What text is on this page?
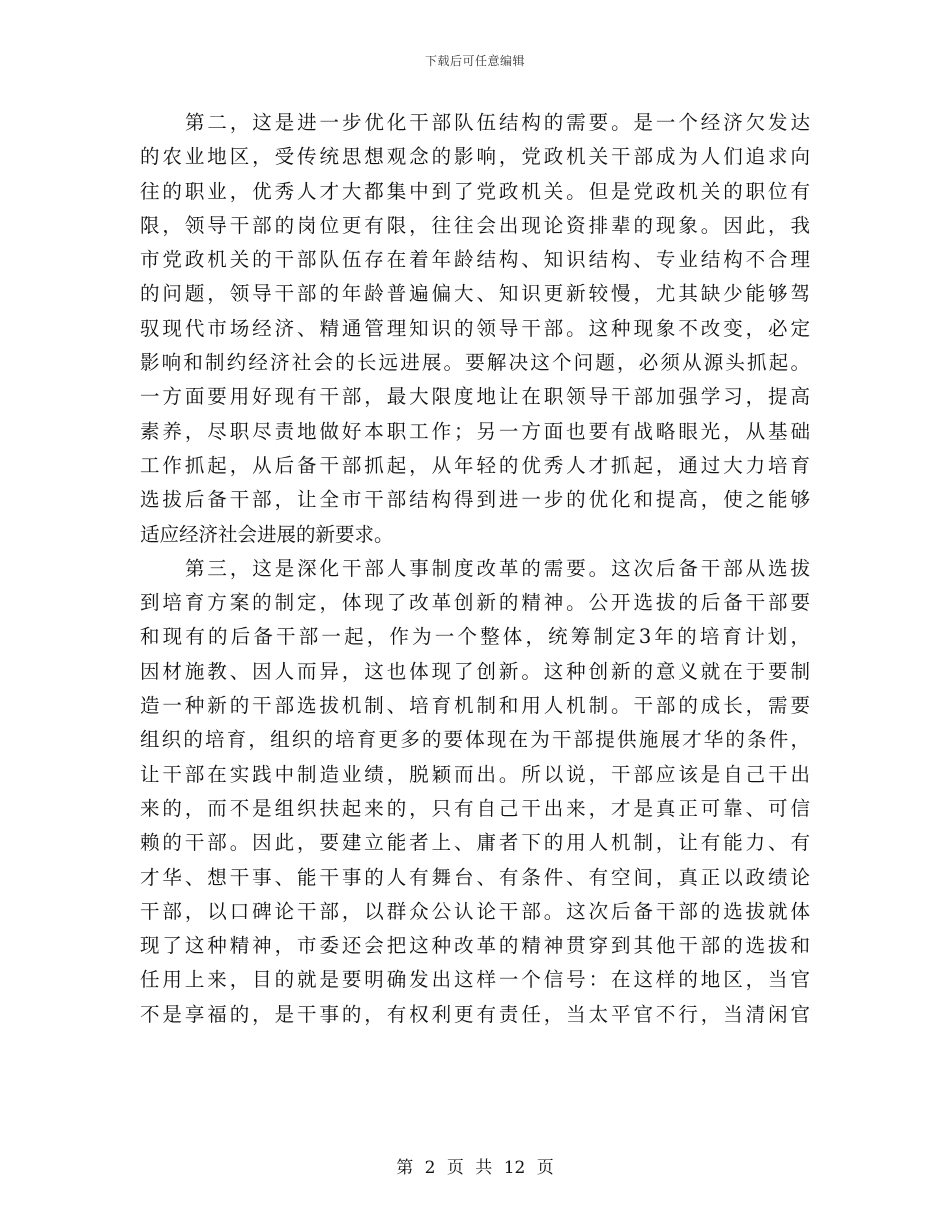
下载后可任意编辑
第二，这是进一步优化干部队伍结构的需要。是一个经济欠发达
的农业地区，受传统思想观念的影响，党政机关干部成为人们追求向
往的职业，优秀人才大都集中到了党政机关。但是党政机关的职位有
限，领导干部的岗位更有限，往往会出现论资排辈的现象。因此，我
市党政机关的干部队伍存在着年龄结构、知识结构、专业结构不合理
的问题，领导干部的年龄普遍偏大、知识更新较慢，尤其缺少能够驾
驭现代市场经济、精通管理知识的领导干部。这种现象不改变，必定
影响和制约经济社会的长远进展。要解决这个问题，必须从源头抓起。
一方面要用好现有干部，最大限度地让在职领导干部加强学习，提高
素养，尽职尽责地做好本职工作；另一方面也要有战略眼光，从基础
工作抓起，从后备干部抓起，从年轻的优秀人才抓起，通过大力培育
选拔后备干部，让全市干部结构得到进一步的优化和提高，使之能够
适应经济社会进展的新要求。
第三，这是深化干部人事制度改革的需要。这次后备干部从选拔
到培育方案的制定，体现了改革创新的精神。公开选拔的后备干部要
和现有的后备干部一起，作为一个整体，统筹制定3年的培育计划，
因材施教、因人而异，这也体现了创新。这种创新的意义就在于要制
造一种新的干部选拔机制、培育机制和用人机制。干部的成长，需要
组织的培育，组织的培育更多的要体现在为干部提供施展才华的条件，
让干部在实践中制造业绩，脱颖而出。所以说，干部应该是自己干出
来的，而不是组织扶起来的，只有自己干出来，才是真正可靠、可信
赖的干部。因此，要建立能者上、庸者下的用人机制，让有能力、有
才华、想干事、能干事的人有舞台、有条件、有空间，真正以政绩论
干部，以口碑论干部，以群众公认论干部。这次后备干部的选拔就体
现了这种精神，市委还会把这种改革的精神贯穿到其他干部的选拔和
任用上来，目的就是要明确发出这样一个信号：在这样的地区，当官
不是享福的，是干事的，有权利更有责任，当太平官不行，当清闲官
第 2 页 共 12 页
